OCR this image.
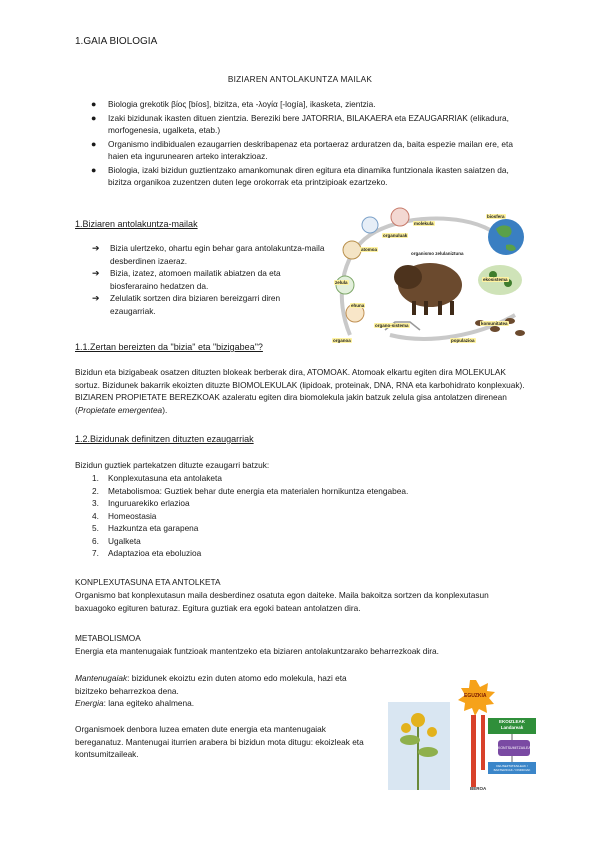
1.GAIA BIOLOGIA
BIZIAREN ANTOLAKUNTZA MAILAK
● Biologia grekotik βίος [bíos], bizitza, eta -λογία [-logía], ikasketa, zientzia.
● Izaki bizidunak ikasten dituen zientzia. Bereziki bere JATORRIA, BILAKAERA eta EZAUGARRIAK (elikadura, morfogenesia, ugalketa, etab.)
● Organismo indibidualen ezaugarrien deskribapenaz eta portaeraz arduratzen da, baita espezie mailan ere, eta haien eta ingurunearen arteko interakzioaz.
● Biologia, izaki bizidun guztientzako amankomunak diren egitura eta dinamika funtzionala ikasten saiatzen da, bizitza organikoa zuzentzen duten lege orokorrak eta printzipioak ezartzeko.
1.Biziaren antolakuntza-mailak
➔ Bizia ulertzeko, ohartu egin behar gara antolakuntza-maila desberdinen izaeraz.
➔ Bizia, izatez, atomoen mailatik abiatzen da eta biosferaraino hedatzen da.
➔ Zelulatik sortzen dira biziaren bereizgarri diren ezaugarriak.
molekula
organuluak
atomoa
organismo zelulaniztuna
zelula
ehuna
organoa
organo-sistema
biosfera
ekosistema
komunitatea
populazioa
1.1.Zertan bereizten da "bizia" eta "bizigabea"?
Bizidun eta bizigabeak osatzen dituzten blokeak berberak dira, ATOMOAK. Atomoak elkartu egiten dira MOLEKULAK sortuz. Bizidunek bakarrik ekoizten dituzte BIOMOLEKULAK (lipidoak, proteinak, DNA, RNA eta karbohidrato konplexuak). BIZIAREN PROPIETATE BEREZKOAK azaleratu egiten dira biomolekula jakin batzuk zelula gisa antolatzen direnean (Propietate emergentea).
1.2.Bizidunak definitzen dituzten ezaugarriak
Bizidun guztiek partekatzen dituzte ezaugarri batzuk:
1. Konplexutasuna eta antolaketa
2. Metabolismoa: Guztiek behar dute energia eta materialen hornikuntza etengabea.
3. Inguruarekiko erlazioa
4. Homeostasia
5. Hazkuntza eta garapena
6. Ugalketa
7. Adaptazioa eta eboluzioa
KONPLEXUTASUNA ETA ANTOLKETA
Organismo bat konplexutasun maila desberdinez osatuta egon daiteke. Maila bakoitza sortzen da konplexutasun baxuagoko egituren baturaz. Egitura guztiak era egoki batean antolatzen dira.
METABOLISMOA
Energia eta mantenugaiak funtzioak mantentzeko eta biziaren antolakuntzarako beharrezkoak dira.
Mantenugaiak: bizidunek ekoiztu ezin duten atomo edo molekula, hazi eta bizitzeko beharrezkoa dena.
Energia: lana egiteko ahalmena.
Organismoek denbora luzea ematen dute energia eta mantenugaiak bereganatuz. Mantenugai iturrien arabera bi bizidun mota ditugu: ekoizleak eta kontsumitzaileak.
EGUZKIA
EKOIZLEAK
Landareak
KONTSUMITZAILEAK
DEUSEZTATZAILEAK / BAKTERIOAK / ONDDOAK
BEROA
